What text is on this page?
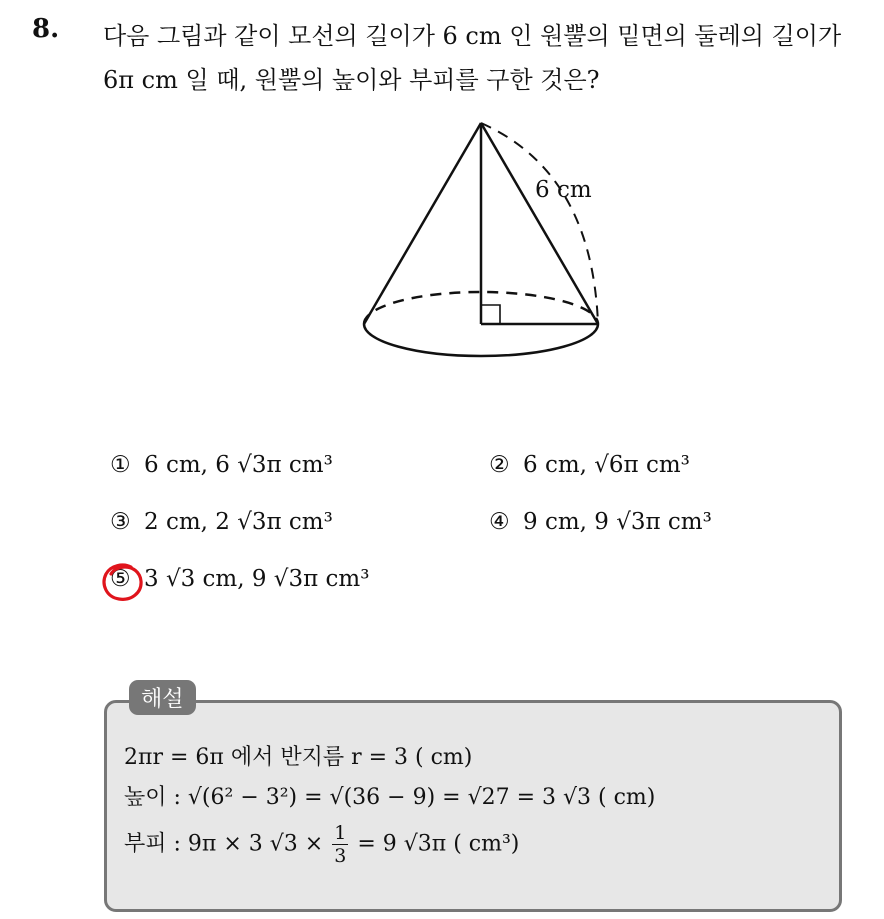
8. 다음 그림과 같이 모선의 길이가 6 cm 인 원뿔의 밑면의 둘레의 길이가

6π cm 일 때, 원뿔의 높이와 부피를 구한 것은?

6 cm
① 6 cm, 6 √3π cm³	② 6 cm, √6π cm³
③ 2 cm, 2 √3π cm³	④ 9 cm, 9 √3π cm³
⑤ 3 √3 cm, 9 √3π cm³
해설
2πr = 6π 에서 반지름 r = 3 ( cm)
높이 : √(6² − 3²) = √(36 − 9) = √27 = 3 √3 ( cm)
부피 : 9π × 3 $√3 \times \frac{1}{3} = 9$ √3π ( cm³)
